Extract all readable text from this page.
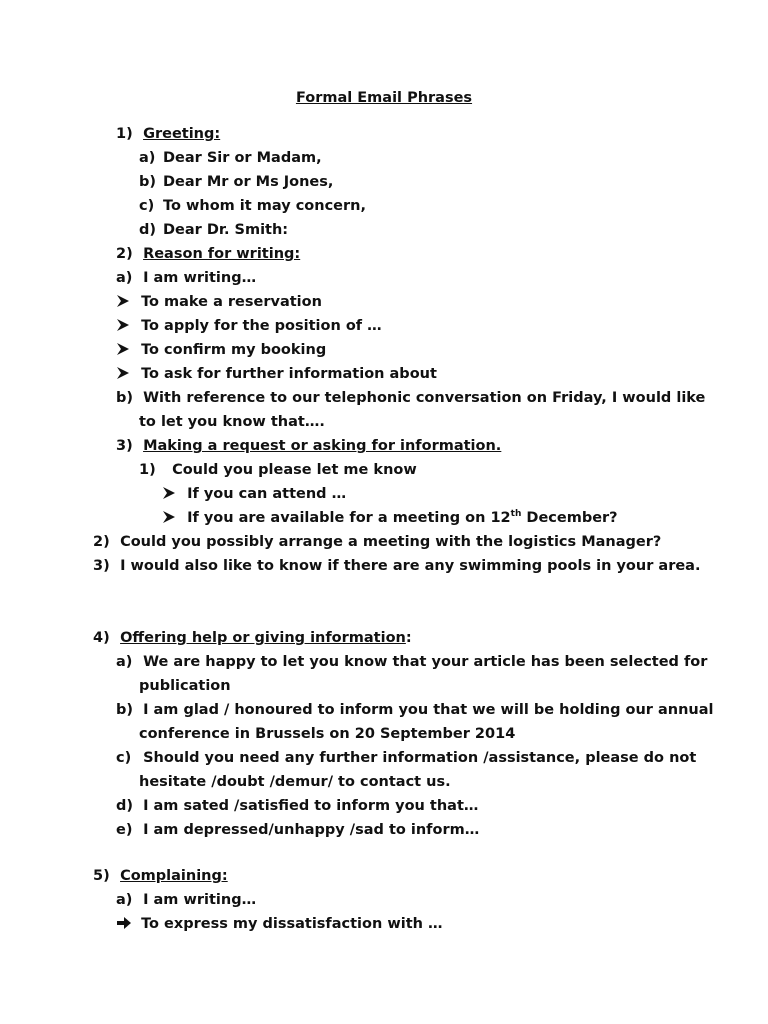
Formal Email Phrases
1) Greeting:
a) Dear Sir or Madam,
b) Dear Mr or Ms Jones,
c) To whom it may concern,
d) Dear Dr. Smith:
2) Reason for writing:
a) I am writing…
To make a reservation
To apply for the position of …
To confirm my booking
To ask for further information about
b) With reference to our telephonic conversation on Friday, I would like
to let you know that….
3) Making a request or asking for information.
1) Could you please let me know
If you can attend …
If you are available for a meeting on 12th December?
2) Could you possibly arrange a meeting with the logistics Manager?
3) I would also like to know if there are any swimming pools in your area.
4) Offering help or giving information:
a) We are happy to let you know that your article has been selected for
publication
b) I am glad / honoured to inform you that we will be holding our annual
conference in Brussels on 20 September 2014
c) Should you need any further information /assistance, please do not
hesitate /doubt /demur/ to contact us.
d) I am sated /satisfied to inform you that…
e) I am depressed/unhappy /sad to inform…
5) Complaining:
a) I am writing…
To express my dissatisfaction with …
